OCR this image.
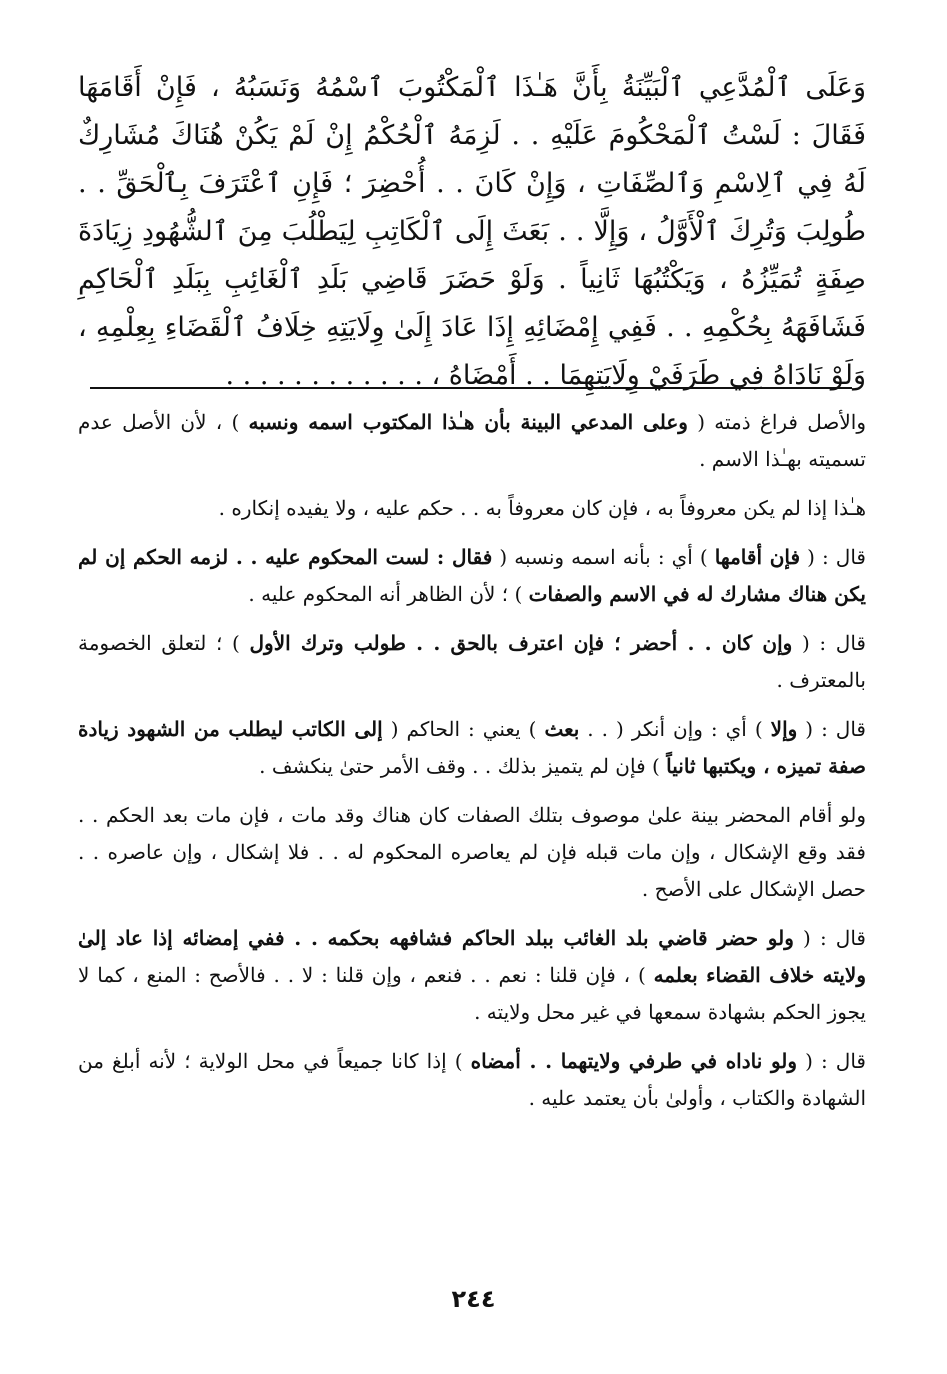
وَعَلَى ٱلْمُدَّعِي ٱلْبَيِّنَةُ بِأَنَّ هَـٰذَا ٱلْمَكْتُوبَ ٱسْمُهُ وَنَسَبُهُ ، فَإِنْ أَقَامَهَا فَقَالَ : لَسْتُ ٱلْمَحْكُومَ عَلَيْهِ . . لَزِمَهُ ٱلْحُكْمُ إِنْ لَمْ يَكُنْ هُنَاكَ مُشَارِكٌ لَهُ فِي ٱلِاسْمِ وَٱلصِّفَاتِ ، وَإِنْ كَانَ . . أُحْضِرَ ؛ فَإِنِ ٱعْتَرَفَ بِٱلْحَقِّ . . طُولِبَ وَتُرِكَ ٱلْأَوَّلُ ، وَإِلَّا . . بَعَثَ إِلَى ٱلْكَاتِبِ لِيَطْلُبَ مِنَ ٱلشُّهُودِ زِيَادَةَ صِفَةٍ تُمَيِّزُهُ ، وَيَكْتُبُهَا ثَانِياً . وَلَوْ حَضَرَ قَاضِي بَلَدِ ٱلْغَائِبِ بِبَلَدِ ٱلْحَاكِمِ فَشَافَهَهُ بِحُكْمِهِ . . فَفِي إِمْضَائِهِ إِذَا عَادَ إِلَىٰ وِلَايَتِهِ خِلَافُ ٱلْقَضَاءِ بِعِلْمِهِ ، وَلَوْ نَادَاهُ فِي طَرَفَيْ وِلَايَتِهِمَا . . أَمْضَاهُ ، . . . . . . . . . . . .

والأصل فراغ ذمته ( وعلى المدعي البينة بأن هـٰذا المكتوب اسمه ونسبه ) ، لأن الأصل عدم تسميته بهـٰذا الاسم .

هـٰذا إذا لم يكن معروفاً به ، فإن كان معروفاً به . . حكم عليه ، ولا يفيده إنكاره .

قال : ( فإن أقامها ) أي : بأنه اسمه ونسبه ( فقال : لست المحكوم عليه . . لزمه الحكم إن لم يكن هناك مشارك له في الاسم والصفات ) ؛ لأن الظاهر أنه المحكوم عليه .

قال : ( وإن كان . . أحضر ؛ فإن اعترف بالحق . . طولب وترك الأول ) ؛ لتعلق الخصومة بالمعترف .

قال : ( وإلا ) أي : وإن أنكر ( . . بعث ) يعني : الحاكم ( إلى الكاتب ليطلب من الشهود زيادة صفة تميزه ، ويكتبها ثانياً ) فإن لم يتميز بذلك . . وقف الأمر حتىٰ ينكشف .

ولو أقام المحضر بينة علىٰ موصوف بتلك الصفات كان هناك وقد مات ، فإن مات بعد الحكم . . فقد وقع الإشكال ، وإن مات قبله فإن لم يعاصره المحكوم له . . فلا إشكال ، وإن عاصره . . حصل الإشكال على الأصح .

قال : ( ولو حضر قاضي بلد الغائب ببلد الحاكم فشافهه بحكمه . . ففي إمضائه إذا عاد إلىٰ ولايته خلاف القضاء بعلمه ) ، فإن قلنا : نعم . . فنعم ، وإن قلنا : لا . . فالأصح : المنع ، كما لا يجوز الحكم بشهادة سمعها في غير محل ولايته .

قال : ( ولو ناداه في طرفي ولايتهما . . أمضاه ) إذا كانا جميعاً في محل الولاية ؛ لأنه أبلغ من الشهادة والكتاب ، وأولىٰ بأن يعتمد عليه .

٢٤٤
